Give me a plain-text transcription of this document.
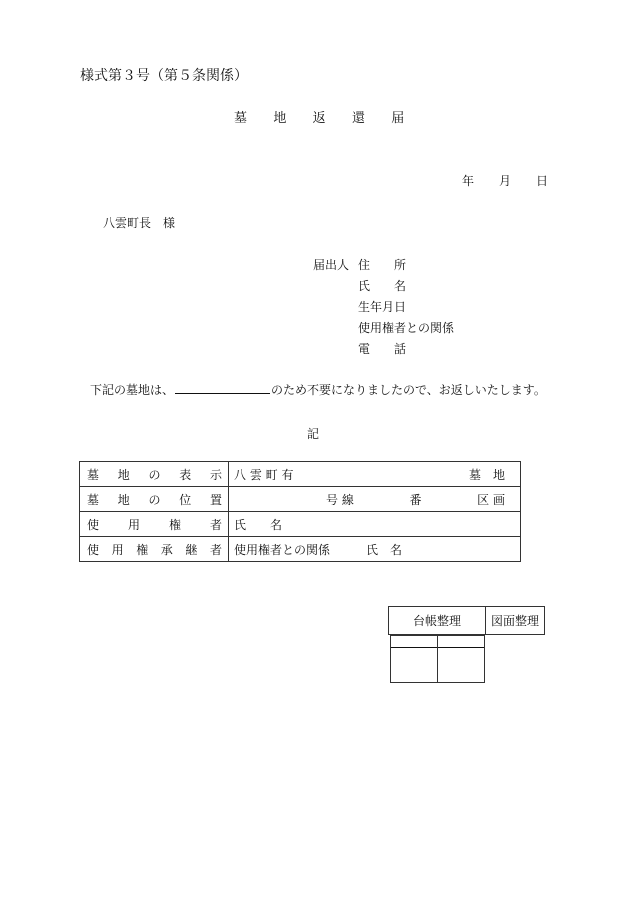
様式第３号（第５条関係）
墓 地 返 還 届
年 月 日
八雲町長　様
届出人 住　　所
氏　　名
生年月日
使用権者との関係
電　　話
下記の墓地は、	のため不要になりましたので、お返しいたします。
記
墓地の表示	八 雲 町 有 墓　地

墓地の位置	号 線 番 区 画

使用権者	氏　　名
使用権承継者	使用権者との関係 氏　名
台帳整理	図面整理
